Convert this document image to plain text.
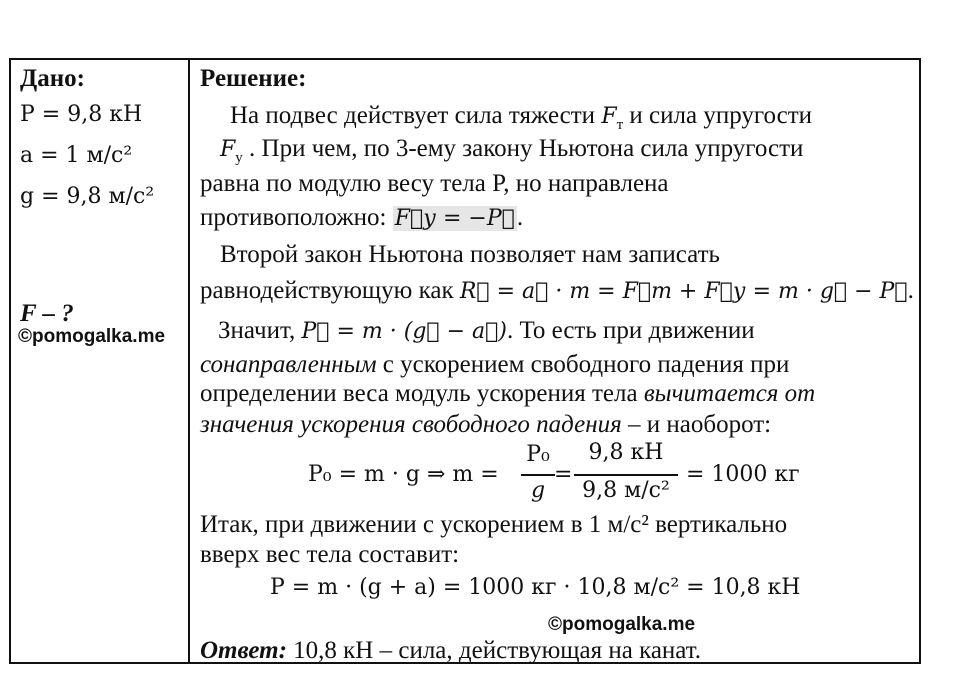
Дано:
P = 9,8 кН
a = 1 м/с²
g = 9,8 м/с²
F – ?
©pomogalka.me
Решение:
На подвес действует сила тяжести $F_т$ и сила упругости
$F_у$ . При чем, по 3-ему закону Ньютона сила упругости
равна по модулю весу тела P, но направлена
противоположно: F⃗у = −P⃗.
Второй закон Ньютона позволяет нам записать
равнодействующую как R⃗ = a⃗ · m = F⃗т + F⃗у = m · g⃗ − P⃗.
Значит, P⃗ = m · (g⃗ − a⃗). То есть при движении
сонаправленным с ускорением свободного падения при
определении веса модуль ускорения тела вычитается от
значения ускорения свободного падения – и наоборот:
P₀ = m · g ⇒ m =
P₀
g
=
9,8 кН
9,8 м/с²
= 1000 кг
Итак, при движении с ускорением в 1 м/с² вертикально
вверх вес тела составит:
P = m · (g + a) = 1000 кг · 10,8 м/с² = 10,8 кН
©pomogalka.me
Ответ: 10,8 кН – сила, действующая на канат.
